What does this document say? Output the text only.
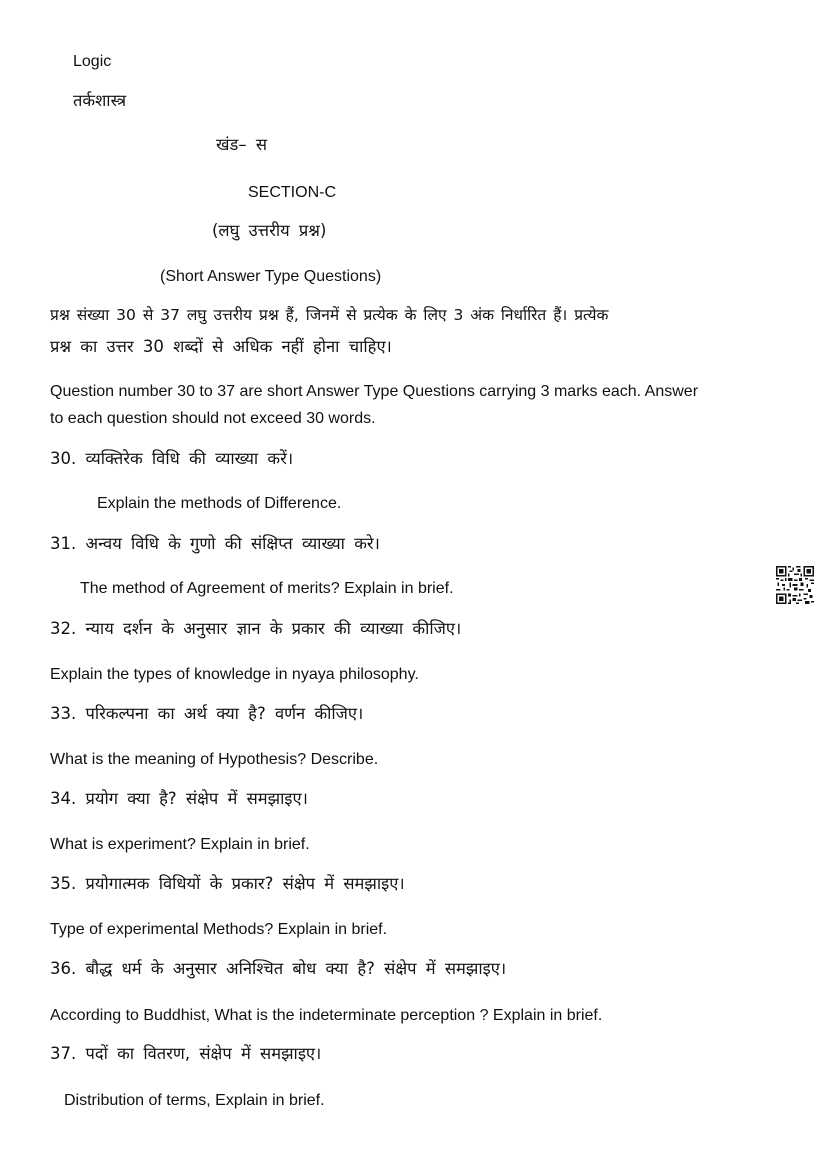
Logic
तर्कशास्त्र
खंड– स
SECTION-C
(लघु उत्तरीय प्रश्न)
(Short Answer Type Questions)
प्रश्न संख्या 30 से 37 लघु उत्तरीय प्रश्न हैं, जिनमें से प्रत्येक के लिए 3 अंक निर्धारित हैं। प्रत्येक
प्रश्न का उत्तर 30 शब्दों से अधिक नहीं होना चाहिए।
Question number 30 to 37 are short Answer Type Questions carrying 3 marks each. Answer
to each question should not exceed 30 words.
30. व्यक्तिरेक विधि की व्याख्या करें।
Explain the methods of Difference.
31. अन्वय विधि के गुणो की संक्षिप्त व्याख्या करे।
The method of Agreement of merits? Explain in brief.
32. न्याय दर्शन के अनुसार ज्ञान के प्रकार की व्याख्या कीजिए।
Explain the types of knowledge in nyaya philosophy.
33. परिकल्पना का अर्थ क्या है? वर्णन कीजिए।
What is the meaning of Hypothesis? Describe.
34. प्रयोग क्या है? संक्षेप में समझाइए।
What is experiment? Explain in brief.
35. प्रयोगात्मक विधियों के प्रकार? संक्षेप में समझाइए।
Type of experimental Methods? Explain in brief.
36. बौद्ध धर्म के अनुसार अनिश्चित बोध क्या है? संक्षेप में समझाइए।
According to Buddhist, What is the indeterminate perception ? Explain in brief.
37. पदों का वितरण, संक्षेप में समझाइए।
Distribution of terms, Explain in brief.
